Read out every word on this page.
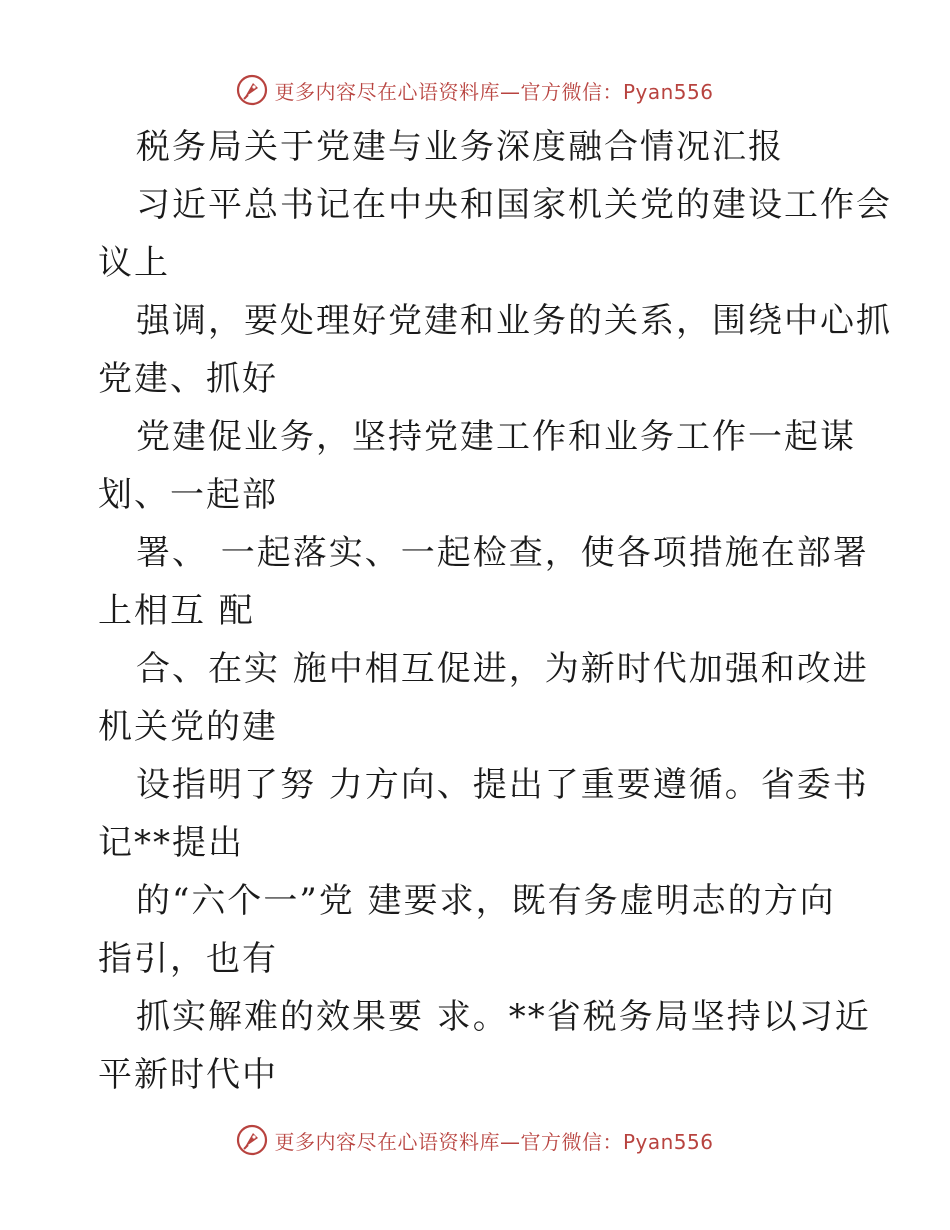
更多内容尽在心语资料库—官方微信：Pyan556
税务局关于党建与业务深度融合情况汇报
习近平总书记在中央和国家机关党的建设工作会
议上
强调，要处理好党建和业务的关系，围绕中心抓
党建、抓好
党建促业务，坚持党建工作和业务工作一起谋
划、一起部
署、 一起落实、一起检查，使各项措施在部署
上相互 配
合、在实 施中相互促进，为新时代加强和改进
机关党的建
设指明了努 力方向、提出了重要遵循。省委书
记**提出
的“六个一”党 建要求，既有务虚明志的方向
指引，也有
抓实解难的效果要 求。**省税务局坚持以习近
平新时代中
更多内容尽在心语资料库—官方微信：Pyan556
